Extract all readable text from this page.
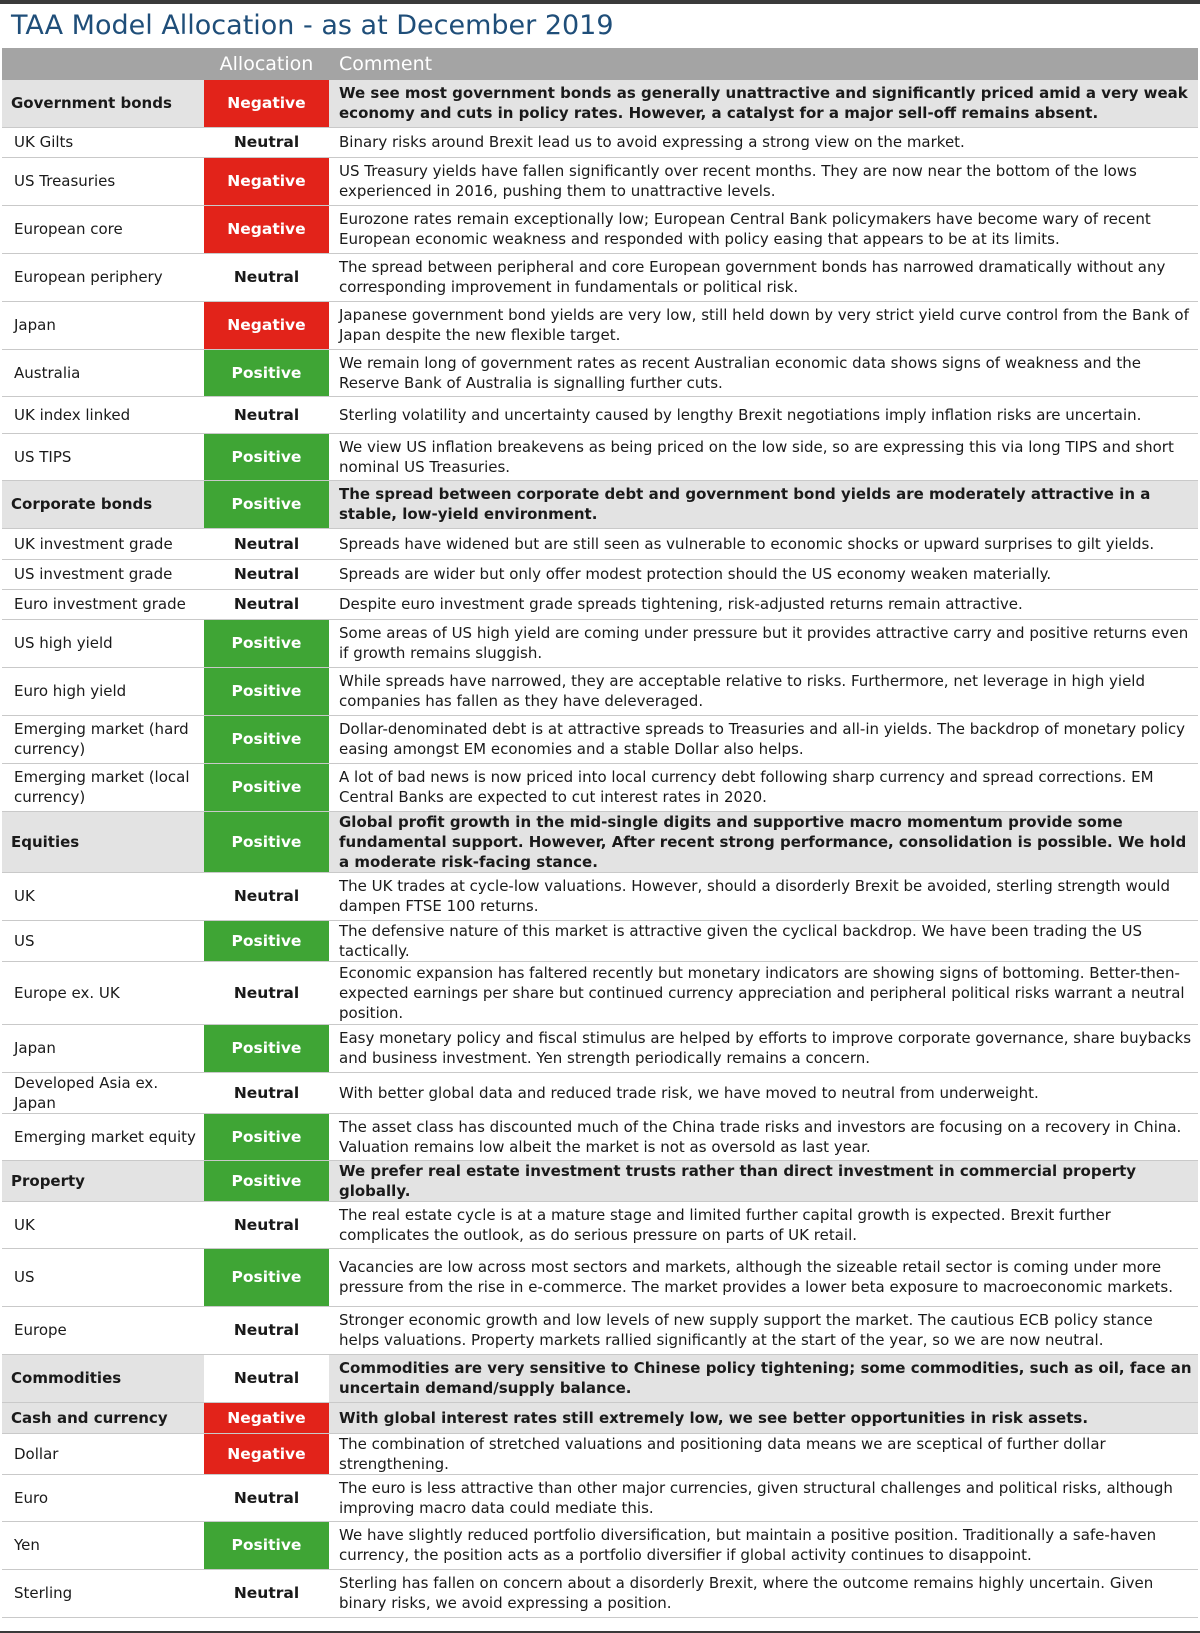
TAA Model Allocation - as at December 2019
	Allocation	Comment
Government bonds	Negative	We see most government bonds as generally unattractive and significantly priced amid a very weak economy and cuts in policy rates. However, a catalyst for a major sell-off remains absent.
UK Gilts	Neutral	Binary risks around Brexit lead us to avoid expressing a strong view on the market.
US Treasuries	Negative	US Treasury yields have fallen significantly over recent months. They are now near the bottom of the lows experienced in 2016, pushing them to unattractive levels.
European core	Negative	Eurozone rates remain exceptionally low; European Central Bank policymakers have become wary of recent European economic weakness and responded with policy easing that appears to be at its limits.
European periphery	Neutral	The spread between peripheral and core European government bonds has narrowed dramatically without any corresponding improvement in fundamentals or political risk.
Japan	Negative	Japanese government bond yields are very low, still held down by very strict yield curve control from the Bank of Japan despite the new flexible target.
Australia	Positive	We remain long of government rates as recent Australian economic data shows signs of weakness and the Reserve Bank of Australia is signalling further cuts.
UK index linked	Neutral	Sterling volatility and uncertainty caused by lengthy Brexit negotiations imply inflation risks are uncertain.
US TIPS	Positive	We view US inflation breakevens as being priced on the low side, so are expressing this via long TIPS and short nominal US Treasuries.
Corporate bonds	Positive	The spread between corporate debt and government bond yields are moderately attractive in a stable, low-yield environment.
UK investment grade	Neutral	Spreads have widened but are still seen as vulnerable to economic shocks or upward surprises to gilt yields.
US investment grade	Neutral	Spreads are wider but only offer modest protection should the US economy weaken materially.
Euro investment grade	Neutral	Despite euro investment grade spreads tightening, risk-adjusted returns remain attractive.
US high yield	Positive	Some areas of US high yield are coming under pressure but it provides attractive carry and positive returns even if growth remains sluggish.
Euro high yield	Positive	While spreads have narrowed, they are acceptable relative to risks. Furthermore, net leverage in high yield companies has fallen as they have deleveraged.
Emerging market (hard currency)	Positive	Dollar-denominated debt is at attractive spreads to Treasuries and all-in yields. The backdrop of monetary policy easing amongst EM economies and a stable Dollar also helps.
Emerging market (local currency)	Positive	A lot of bad news is now priced into local currency debt following sharp currency and spread corrections. EM Central Banks are expected to cut interest rates in 2020.
Equities	Positive	Global profit growth in the mid-single digits and supportive macro momentum provide some fundamental support. However, After recent strong performance, consolidation is possible. We hold a moderate risk-facing stance.
UK	Neutral	The UK trades at cycle-low valuations. However, should a disorderly Brexit be avoided, sterling strength would dampen FTSE 100 returns.
US	Positive	The defensive nature of this market is attractive given the cyclical backdrop. We have been trading the US tactically.
Europe ex. UK	Neutral	Economic expansion has faltered recently but monetary indicators are showing signs of bottoming. Better-then-expected earnings per share but continued currency appreciation and peripheral political risks warrant a neutral position.
Japan	Positive	Easy monetary policy and fiscal stimulus are helped by efforts to improve corporate governance, share buybacks and business investment. Yen strength periodically remains a concern.
Developed Asia ex. Japan	Neutral	With better global data and reduced trade risk, we have moved to neutral from underweight.
Emerging market equity	Positive	The asset class has discounted much of the China trade risks and investors are focusing on a recovery in China. Valuation remains low albeit the market is not as oversold as last year.
Property	Positive	We prefer real estate investment trusts rather than direct investment in commercial property globally.
UK	Neutral	The real estate cycle is at a mature stage and limited further capital growth is expected. Brexit further complicates the outlook, as do serious pressure on parts of UK retail.
US	Positive	Vacancies are low across most sectors and markets, although the sizeable retail sector is coming under more pressure from the rise in e-commerce. The market provides a lower beta exposure to macroeconomic markets.
Europe	Neutral	Stronger economic growth and low levels of new supply support the market. The cautious ECB policy stance helps valuations. Property markets rallied significantly at the start of the year, so we are now neutral.
Commodities	Neutral	Commodities are very sensitive to Chinese policy tightening; some commodities, such as oil, face an uncertain demand/supply balance.
Cash and currency	Negative	With global interest rates still extremely low, we see better opportunities in risk assets.
Dollar	Negative	The combination of stretched valuations and positioning data means we are sceptical of further dollar strengthening.
Euro	Neutral	The euro is less attractive than other major currencies, given structural challenges and political risks, although improving macro data could mediate this.
Yen	Positive	We have slightly reduced portfolio diversification, but maintain a positive position. Traditionally a safe-haven currency, the position acts as a portfolio diversifier if global activity continues to disappoint.
Sterling	Neutral	Sterling has fallen on concern about a disorderly Brexit, where the outcome remains highly uncertain. Given binary risks, we avoid expressing a position.
